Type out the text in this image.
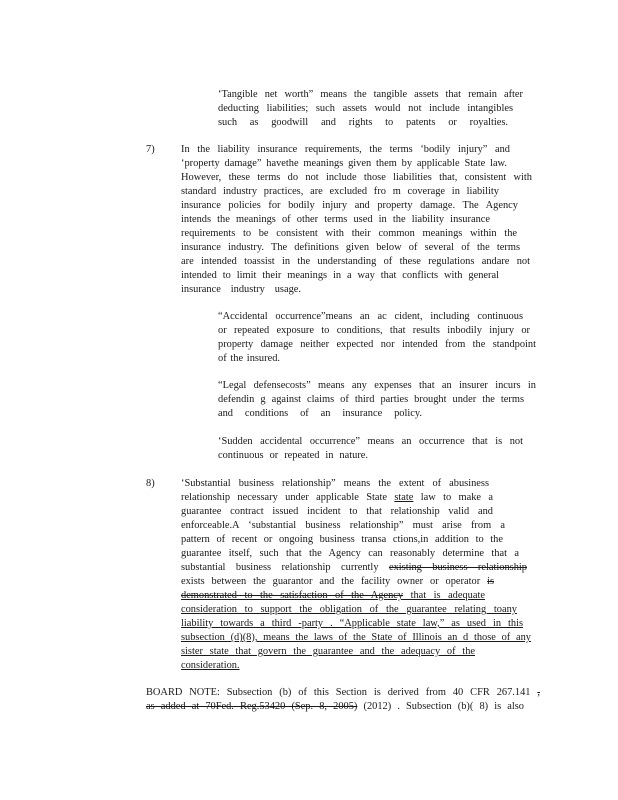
‘Tangible net worth” means the tangible assets that remain after
deducting liabilities; such assets would not include intangibles
such as goodwill and rights to patents or royalties.
7)	In the liability insurance requirements, the terms ‘bodily injury” and
‘property damage” havethe meanings given them by applicable State law.
However, these terms do not include those liabilities that, consistent with
standard industry practices, are excluded fro m coverage in liability
insurance policies for bodily injury and property damage. The Agency
intends the meanings of other terms used in the liability insurance
requirements to be consistent with their common meanings within the
insurance industry. The definitions given below of several of the terms
are intended toassist in the understanding of these regulations andare not
intended to limit their meanings in a way that conflicts with general
insurance industry usage.
“Accidental occurrence”means an ac cident, including continuous
or repeated exposure to conditions, that results inbodily injury or
property damage neither expected nor intended from the standpoint
of the insured.
“Legal defensecosts” means any expenses that an insurer incurs in
defendin g against claims of third parties brought under the terms
and conditions of an insurance policy.
‘Sudden accidental occurrence” means an occurrence that is not
continuous or repeated in nature.
8)	‘Substantial business relationship” means the extent of abusiness
relationship necessary under applicable State state law to make a
guarantee contract issued incident to that relationship valid and
enforceable.A ‘substantial business relationship” must arise from a
pattern of recent or ongoing business transa ctions,in addition to the
guarantee itself, such that the Agency can reasonably determine that a
substantial business relationship currently existing business relationship
exists between the guarantor and the facility owner or operator is
demonstrated to the satisfaction of the Agency that is adequate
consideration to support the obligation of the guarantee relating toany
liability towards a third -party . “Applicable state law,” as used in this
subsection (d)(8), means the laws of the State of Illinois an d those of any
sister state that govern the guarantee and the adequacy of the
consideration.
BOARD NOTE: Subsection (b) of this Section is derived from 40 CFR 267.141 ,
as added at 70Fed. Reg.53420 (Sep. 8, 2005) (2012) . Subsection (b)( 8) is also
